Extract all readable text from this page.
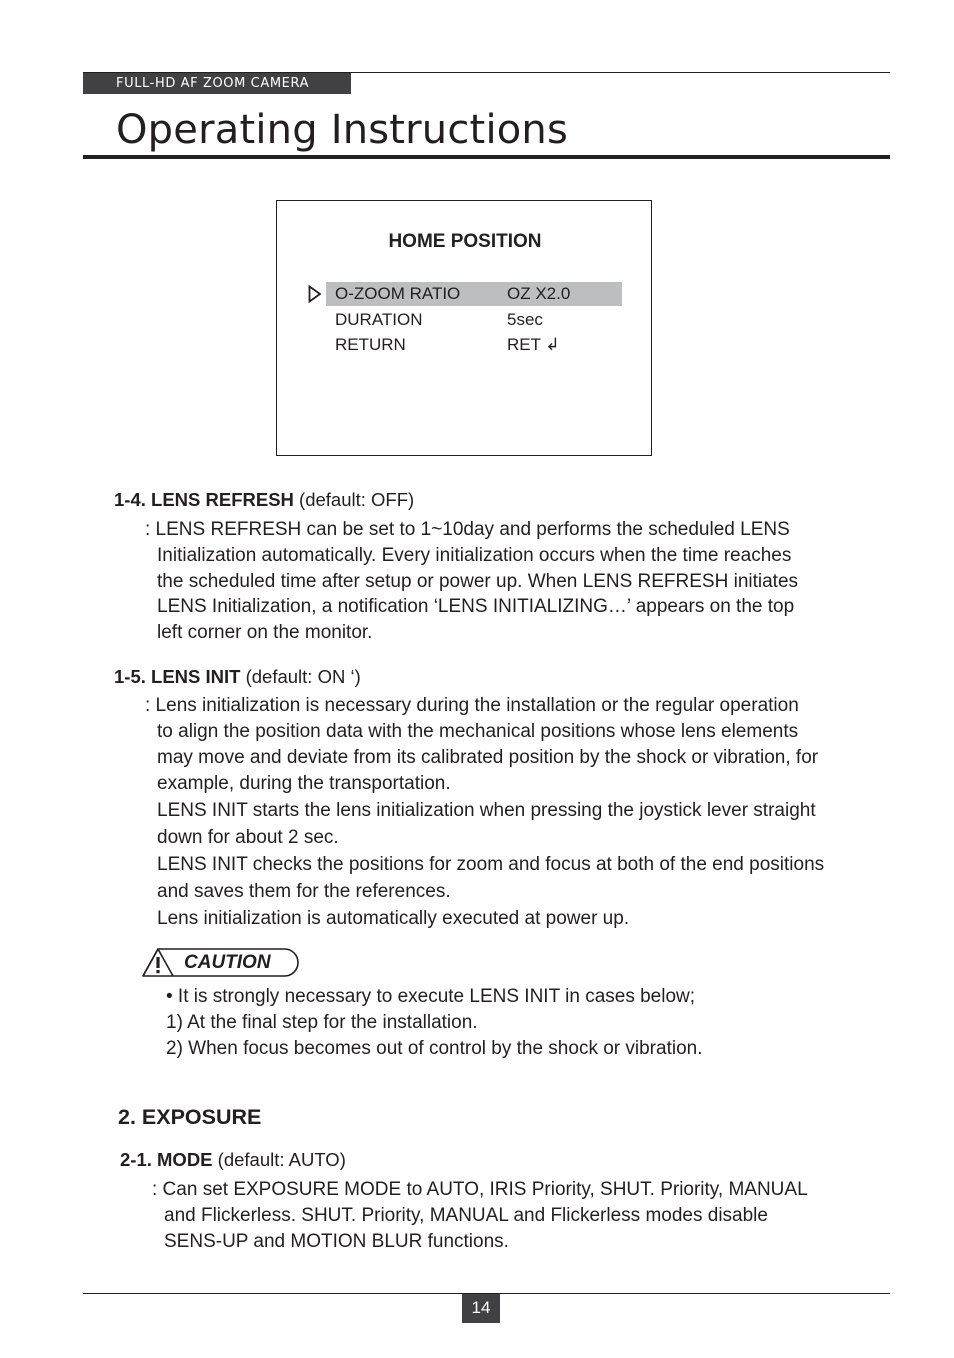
FULL-HD AF ZOOM CAMERA
Operating Instructions
HOME POSITION
O-ZOOM RATIO	OZ X2.0
DURATION	5sec
RETURN	RET ↲
1-4. LENS REFRESH (default: OFF)
: LENS REFRESH can be set to 1~10day and performs the scheduled LENS
Initialization automatically. Every initialization occurs when the time reaches
the scheduled time after setup or power up. When LENS REFRESH initiates
LENS Initialization, a notification ‘LENS INITIALIZING…’ appears on the top
left corner on the monitor.
1-5. LENS INIT (default: ON ‘)
: Lens initialization is necessary during the installation or the regular operation
to align the position data with the mechanical positions whose lens elements
may move and deviate from its calibrated position by the shock or vibration, for
example, during the transportation.
LENS INIT starts the lens initialization when pressing the joystick lever straight
down for about 2 sec.
LENS INIT checks the positions for zoom and focus at both of the end positions
and saves them for the references.
Lens initialization is automatically executed at power up.
CAUTION
• It is strongly necessary to execute LENS INIT in cases below;
1) At the final step for the installation.
2) When focus becomes out of control by the shock or vibration.
2. EXPOSURE
2-1. MODE (default: AUTO)
: Can set EXPOSURE MODE to AUTO, IRIS Priority, SHUT. Priority, MANUAL
and Flickerless. SHUT. Priority, MANUAL and Flickerless modes disable
SENS-UP and MOTION BLUR functions.
14
